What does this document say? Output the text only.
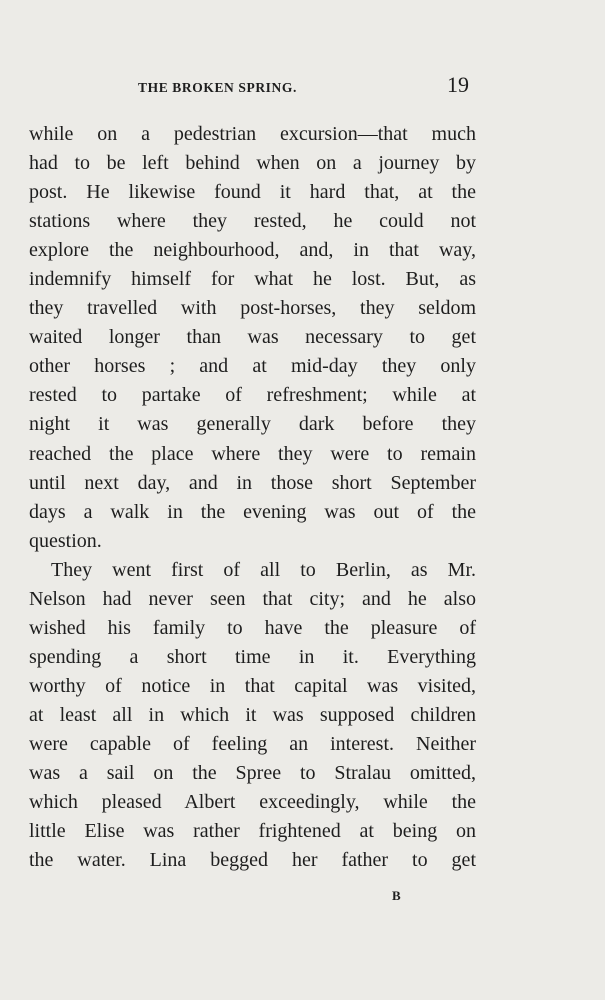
THE BROKEN SPRING.	19
while on a pedestrian excursion—that much
had to be left behind when on a journey by
post. He likewise found it hard that, at the
stations where they rested, he could not
explore the neighbourhood, and, in that way,
indemnify himself for what he lost. But, as
they travelled with post-horses, they seldom
waited longer than was necessary to get
other horses ; and at mid-day they only
rested to partake of refreshment; while at
night it was generally dark before they
reached the place where they were to remain
until next day, and in those short September
days a walk in the evening was out of the
question.
They went first of all to Berlin, as Mr.
Nelson had never seen that city; and he also
wished his family to have the pleasure of
spending a short time in it. Everything
worthy of notice in that capital was visited,
at least all in which it was supposed children
were capable of feeling an interest. Neither
was a sail on the Spree to Stralau omitted,
which pleased Albert exceedingly, while the
little Elise was rather frightened at being on
the water. Lina begged her father to get
B
